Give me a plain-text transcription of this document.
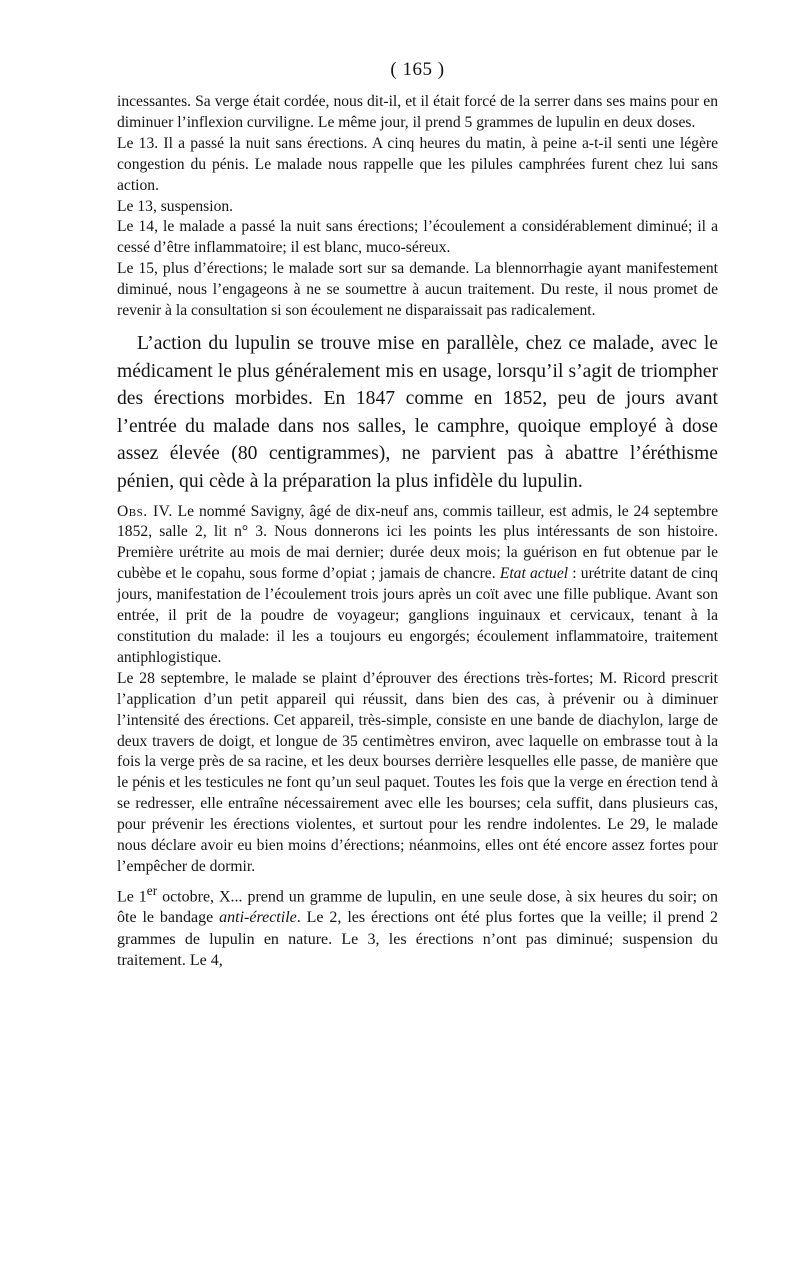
( 165 )

incessantes. Sa verge était cordée, nous dit-il, et il était forcé de la serrer dans ses mains pour en diminuer l’inflexion curviligne. Le même jour, il prend 5 grammes de lupulin en deux doses.

Le 13. Il a passé la nuit sans érections. A cinq heures du matin, à peine a-t-il senti une légère congestion du pénis. Le malade nous rappelle que les pilules camphrées furent chez lui sans action.

Le 13, suspension.

Le 14, le malade a passé la nuit sans érections; l’écoulement a considérablement diminué; il a cessé d’être inflammatoire; il est blanc, muco-séreux.

Le 15, plus d’érections; le malade sort sur sa demande. La blennorrhagie ayant manifestement diminué, nous l’engageons à ne se soumettre à aucun traitement. Du reste, il nous promet de revenir à la consultation si son écoulement ne disparaissait pas radicalement.

L’action du lupulin se trouve mise en parallèle, chez ce malade, avec le médicament le plus généralement mis en usage, lorsqu’il s’agit de triompher des érections morbides. En 1847 comme en 1852, peu de jours avant l’entrée du malade dans nos salles, le camphre, quoique employé à dose assez élevée (80 centigrammes), ne parvient pas à abattre l’éréthisme pénien, qui cède à la préparation la plus infidèle du lupulin.

Obs. IV. Le nommé Savigny, âgé de dix-neuf ans, commis tailleur, est admis, le 24 septembre 1852, salle 2, lit n° 3. Nous donnerons ici les points les plus intéressants de son histoire. Première urétrite au mois de mai dernier; durée deux mois; la guérison en fut obtenue par le cubèbe et le copahu, sous forme d’opiat ; jamais de chancre. Etat actuel : urétrite datant de cinq jours, manifestation de l’écoulement trois jours après un coït avec une fille publique. Avant son entrée, il prit de la poudre de voyageur; ganglions inguinaux et cervicaux, tenant à la constitution du malade: il les a toujours eu engorgés; écoulement inflammatoire, traitement antiphlogistique.

Le 28 septembre, le malade se plaint d’éprouver des érections très-fortes; M. Ricord prescrit l’application d’un petit appareil qui réussit, dans bien des cas, à prévenir ou à diminuer l’intensité des érections. Cet appareil, très-simple, consiste en une bande de diachylon, large de deux travers de doigt, et longue de 35 centimètres environ, avec laquelle on embrasse tout à la fois la verge près de sa racine, et les deux bourses derrière lesquelles elle passe, de manière que le pénis et les testicules ne font qu’un seul paquet. Toutes les fois que la verge en érection tend à se redresser, elle entraîne nécessairement avec elle les bourses; cela suffit, dans plusieurs cas, pour prévenir les érections violentes, et surtout pour les rendre indolentes. Le 29, le malade nous déclare avoir eu bien moins d’érections; néanmoins, elles ont été encore assez fortes pour l’empêcher de dormir.

Le 1er octobre, X... prend un gramme de lupulin, en une seule dose, à six heures du soir; on ôte le bandage anti-érectile. Le 2, les érections ont été plus fortes que la veille; il prend 2 grammes de lupulin en nature. Le 3, les érections n’ont pas diminué; suspension du traitement. Le 4,
